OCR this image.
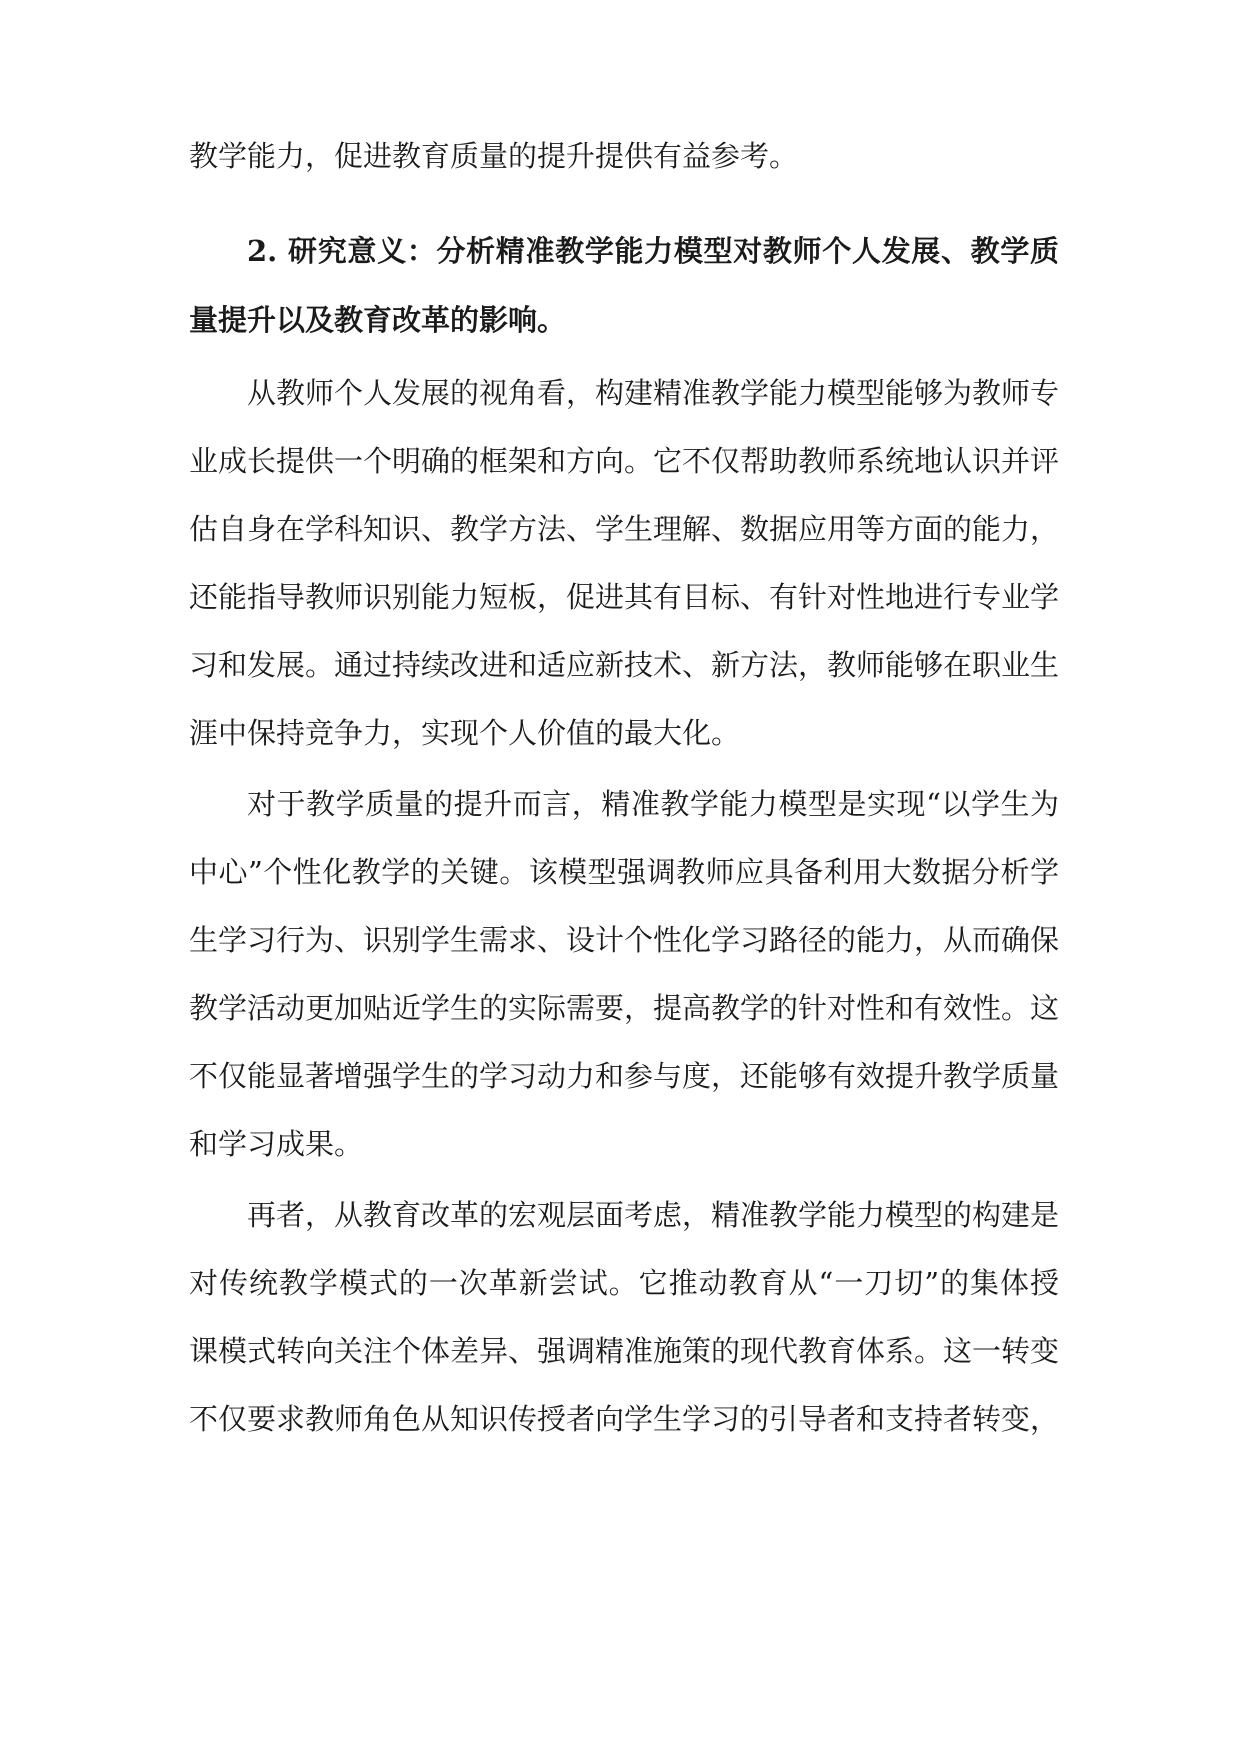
教学能力，促进教育质量的提升提供有益参考。
2. 研究意义：分析精准教学能力模型对教师个人发展、教学质
量提升以及教育改革的影响。
从教师个人发展的视角看，构建精准教学能力模型能够为教师专
业成长提供一个明确的框架和方向。它不仅帮助教师系统地认识并评
估自身在学科知识、教学方法、学生理解、数据应用等方面的能力，
还能指导教师识别能力短板，促进其有目标、有针对性地进行专业学
习和发展。通过持续改进和适应新技术、新方法，教师能够在职业生
涯中保持竞争力，实现个人价值的最大化。
对于教学质量的提升而言，精准教学能力模型是实现“以学生为
中心”个性化教学的关键。该模型强调教师应具备利用大数据分析学
生学习行为、识别学生需求、设计个性化学习路径的能力，从而确保
教学活动更加贴近学生的实际需要，提高教学的针对性和有效性。这
不仅能显著增强学生的学习动力和参与度，还能够有效提升教学质量
和学习成果。
再者，从教育改革的宏观层面考虑，精准教学能力模型的构建是
对传统教学模式的一次革新尝试。它推动教育从“一刀切”的集体授
课模式转向关注个体差异、强调精准施策的现代教育体系。这一转变
不仅要求教师角色从知识传授者向学生学习的引导者和支持者转变，
